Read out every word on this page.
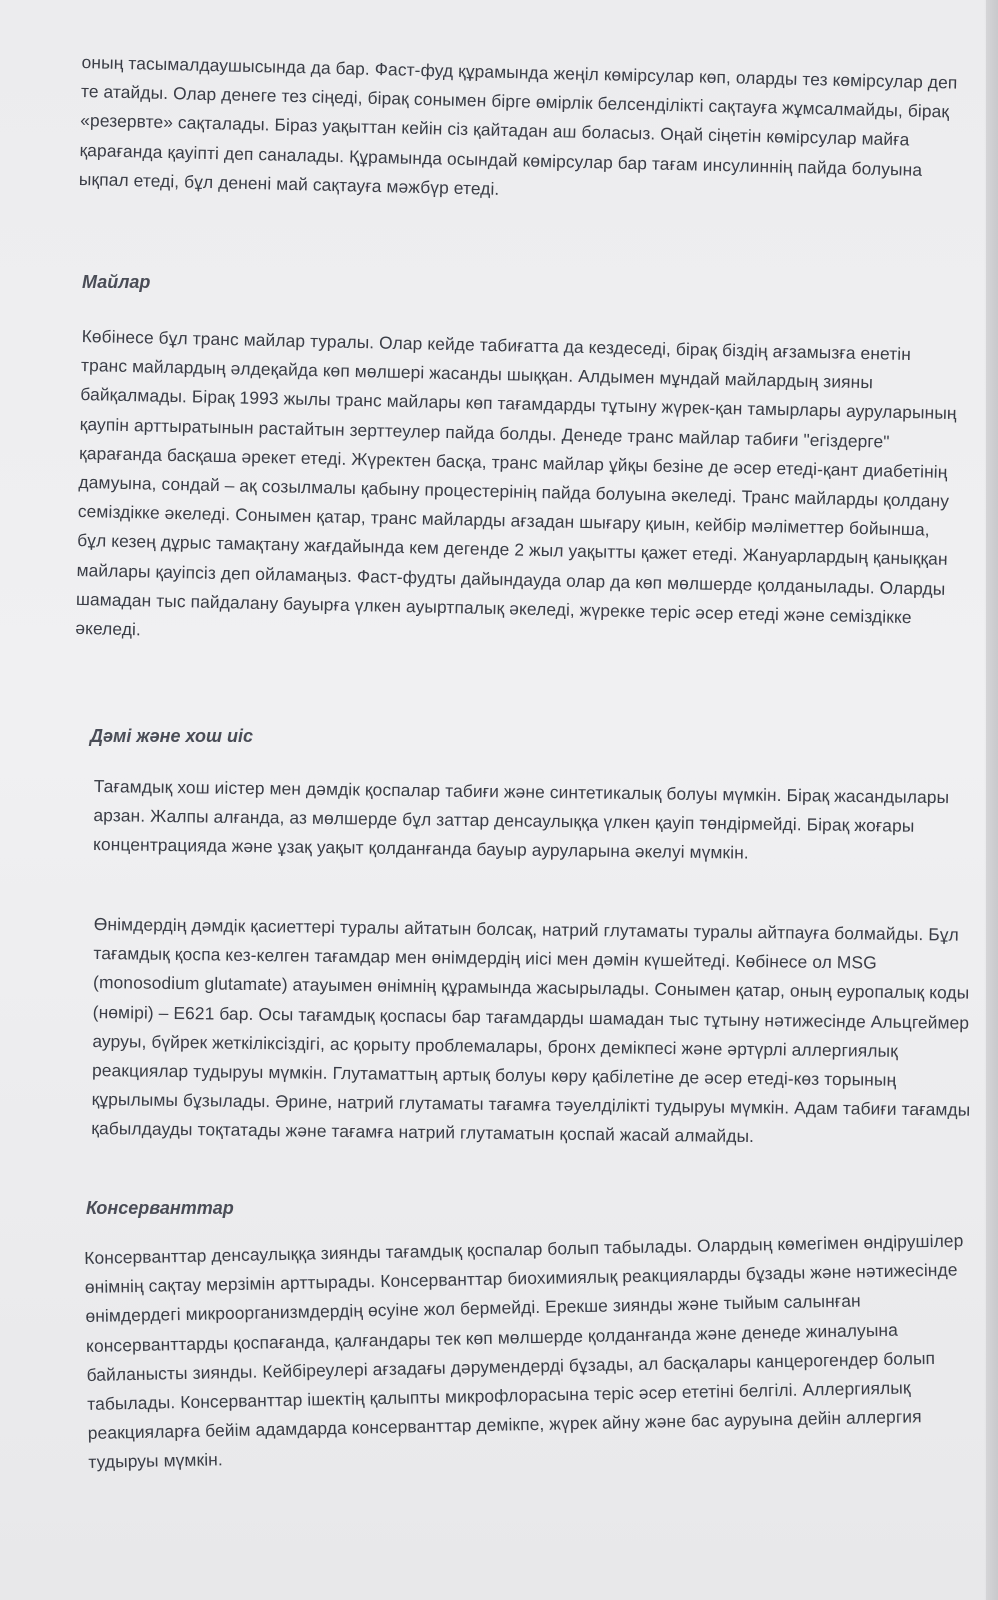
оның тасымалдаушысында да бар. Фаст-фуд құрамында жеңіл көмірсулар көп, оларды тез көмірсулар деп те атайды. Олар денеге тез сіңеді, бірақ сонымен бірге өмірлік белсенділікті сақтауға жұмсалмайды, бірақ «резервте» сақталады. Біраз уақыттан кейін сіз қайтадан аш боласыз. Оңай сіңетін көмірсулар майға қарағанда қауіпті деп саналады. Құрамында осындай көмірсулар бар тағам инсулиннің пайда болуына ықпал етеді, бұл денені май сақтауға мәжбүр етеді.

Майлар

Көбінесе бұл транс майлар туралы. Олар кейде табиғатта да кездеседі, бірақ біздің ағзамызға енетін транс майлардың әлдеқайда көп мөлшері жасанды шыққан. Алдымен мұндай майлардың зияны байқалмады. Бірақ 1993 жылы транс майлары көп тағамдарды тұтыну жүрек-қан тамырлары ауруларының қаупін арттыратынын растайтын зерттеулер пайда болды. Денеде транс майлар табиғи "егіздерге" қарағанда басқаша әрекет етеді. Жүректен басқа, транс майлар ұйқы безіне де әсер етеді-қант диабетінің дамуына, сондай – ақ созылмалы қабыну процестерінің пайда болуына әкеледі. Транс майларды қолдану семіздікке әкеледі. Сонымен қатар, транс майларды ағзадан шығару қиын, кейбір мәліметтер бойынша, бұл кезең дұрыс тамақтану жағдайында кем дегенде 2 жыл уақытты қажет етеді. Жануарлардың қаныққан майлары қауіпсіз деп ойламаңыз. Фаст-фудты дайындауда олар да көп мөлшерде қолданылады. Оларды шамадан тыс пайдалану бауырға үлкен ауыртпалық әкеледі, жүрекке теріс әсер етеді және семіздікке әкеледі.

Дәмі және хош иіс

Тағамдық хош иістер мен дәмдік қоспалар табиғи және синтетикалық болуы мүмкін. Бірақ жасандылары арзан. Жалпы алғанда, аз мөлшерде бұл заттар денсаулыққа үлкен қауіп төндірмейді. Бірақ жоғары концентрацияда және ұзақ уақыт қолданғанда бауыр ауруларына әкелуі мүмкін.

Өнімдердің дәмдік қасиеттері туралы айтатын болсақ, натрий глутаматы туралы айтпауға болмайды. Бұл тағамдық қоспа кез-келген тағамдар мен өнімдердің иісі мен дәмін күшейтеді. Көбінесе ол MSG (monosodium glutamate) атауымен өнімнің құрамында жасырылады. Сонымен қатар, оның еуропалық коды (нөмірі) – E621 бар. Осы тағамдық қоспасы бар тағамдарды шамадан тыс тұтыну нәтижесінде Альцгеймер ауруы, бүйрек жеткіліксіздігі, ас қорыту проблемалары, бронх демікпесі және әртүрлі аллергиялық реакциялар тудыруы мүмкін. Глутаматтың артық болуы көру қабілетіне де әсер етеді-көз торының құрылымы бұзылады. Әрине, натрий глутаматы тағамға тәуелділікті тудыруы мүмкін. Адам табиғи тағамды қабылдауды тоқтатады және тағамға натрий глутаматын қоспай жасай алмайды.

Консерванттар

Консерванттар денсаулыққа зиянды тағамдық қоспалар болып табылады. Олардың көмегімен өндірушілер өнімнің сақтау мерзімін арттырады. Консерванттар биохимиялық реакцияларды бұзады және нәтижесінде өнімдердегі микроорганизмдердің өсуіне жол бермейді. Ерекше зиянды және тыйым салынған консерванттарды қоспағанда, қалғандары тек көп мөлшерде қолданғанда және денеде жиналуына байланысты зиянды. Кейбіреулері ағзадағы дәрумендерді бұзады, ал басқалары канцерогендер болып табылады. Консерванттар ішектің қалыпты микрофлорасына теріс әсер ететіні белгілі. Аллергиялық реакцияларға бейім адамдарда консерванттар демікпе, жүрек айну және бас ауруына дейін аллергия тудыруы мүмкін.
